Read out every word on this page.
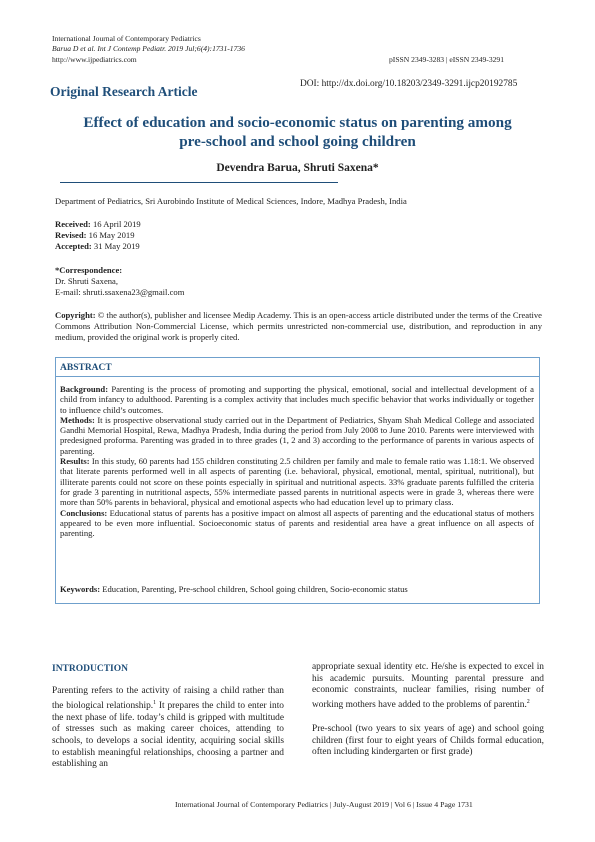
International Journal of Contemporary Pediatrics
Barua D et al. Int J Contemp Pediatr. 2019 Jul;6(4):1731-1736
http://www.ijpediatrics.com	pISSN 2349-3283 | eISSN 2349-3291
Original Research Article	DOI: http://dx.doi.org/10.18203/2349-3291.ijcp20192785
Effect of education and socio-economic status on parenting among
pre-school and school going children
Devendra Barua, Shruti Saxena*
Department of Pediatrics, Sri Aurobindo Institute of Medical Sciences, Indore, Madhya Pradesh, India
Received: 16 April 2019
Revised: 16 May 2019
Accepted: 31 May 2019
*Correspondence:
Dr. Shruti Saxena,
E-mail: shruti.ssaxena23@gmail.com
Copyright: © the author(s), publisher and licensee Medip Academy. This is an open-access article distributed under the terms of the Creative Commons Attribution Non-Commercial License, which permits unrestricted non-commercial use, distribution, and reproduction in any medium, provided the original work is properly cited.
ABSTRACT

Background: Parenting is the process of promoting and supporting the physical, emotional, social and intellectual development of a child from infancy to adulthood. Parenting is a complex activity that includes much specific behavior that works individually or together to influence child’s outcomes.

Methods: It is prospective observational study carried out in the Department of Pediatrics, Shyam Shah Medical College and associated Gandhi Memorial Hospital, Rewa, Madhya Pradesh, India during the period from July 2008 to June 2010. Parents were interviewed with predesigned proforma. Parenting was graded in to three grades (1, 2 and 3) according to the performance of parents in various aspects of parenting.

Results: In this study, 60 parents had 155 children constituting 2.5 children per family and male to female ratio was 1.18:1. We observed that literate parents performed well in all aspects of parenting (i.e. behavioral, physical, emotional, mental, spiritual, nutritional), but illiterate parents could not score on these points especially in spiritual and nutritional aspects. 33% graduate parents fulfilled the criteria for grade 3 parenting in nutritional aspects, 55% intermediate passed parents in nutritional aspects were in grade 3, whereas there were more than 50% parents in behavioral, physical and emotional aspects who had education level up to primary class.

Conclusions: Educational status of parents has a positive impact on almost all aspects of parenting and the educational status of mothers appeared to be even more influential. Socioeconomic status of parents and residential area have a great influence on all aspects of parenting.

Keywords: Education, Parenting, Pre-school children, School going children, Socio-economic status
INTRODUCTION

Parenting refers to the activity of raising a child rather than the biological relationship.$^1$ It prepares the child to enter into the next phase of life. today’s child is gripped with multitude of stresses such as making career choices, attending to schools, to develops a social identity, acquiring social skills to establish meaningful relationships, choosing a partner and establishing an

appropriate sexual identity etc. He/she is expected to excel in his academic pursuits. Mounting parental pressure and economic constraints, nuclear families, rising number of working mothers have added to the problems of parentin.$^2$

Pre-school (two years to six years of age) and school going children (first four to eight years of Childs formal education, often including kindergarten or first grade)

International Journal of Contemporary Pediatrics | July-August 2019 | Vol 6 | Issue 4 Page 1731
